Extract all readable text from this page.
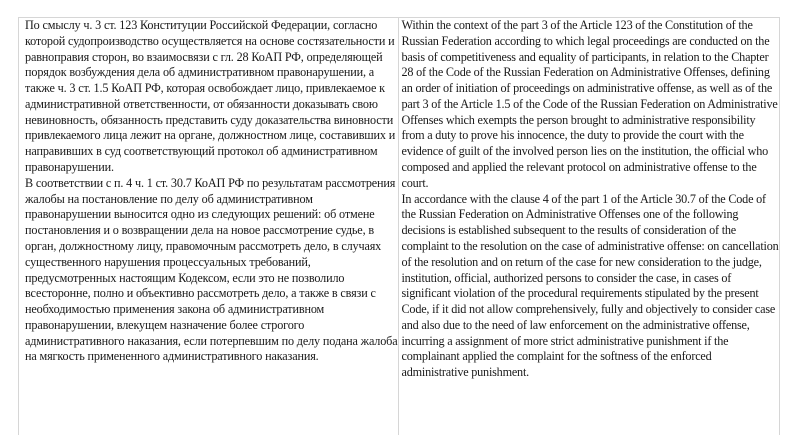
По смыслу ч. 3 ст. 123 Конституции Российской Федерации, согласно которой судопроизводство осуществляется на основе состязательности и равноправия сторон, во взаимосвязи с гл. 28 КоАП РФ, определяющей порядок возбуждения дела об административном правонарушении, а также ч. 3 ст. 1.5 КоАП РФ, которая освобождает лицо, привлекаемое к административной ответственности, от обязанности доказывать свою невиновность, обязанность представить суду доказательства виновности привлекаемого лица лежит на органе, должностном лице, составивших и направивших в суд соответствующий протокол об административном правонарушении.

В соответствии с п. 4 ч. 1 ст. 30.7 КоАП РФ по результатам рассмотрения жалобы на постановление по делу об административном правонарушении выносится одно из следующих решений: об отмене постановления и о возвращении дела на новое рассмотрение судье, в орган, должностному лицу, правомочным рассмотреть дело, в случаях существенного нарушения процессуальных требований, предусмотренных настоящим Кодексом, если это не позволило всесторонне, полно и объективно рассмотреть дело, а также в связи с необходимостью применения закона об административном правонарушении, влекущем назначение более строгого административного наказания, если потерпевшим по делу подана жалоба на мягкость примененного административного наказания.

Within the context of the part 3 of the Article 123 of the Constitution of the Russian Federation according to which legal proceedings are conducted on the basis of competitiveness and equality of participants, in relation to the Chapter 28 of the Code of the Russian Federation on Administrative Offenses, defining an order of initiation of proceedings on administrative offense, as well as of the part 3 of the Article 1.5 of the Code of the Russian Federation on Administrative Offenses which exempts the person brought to administrative responsibility from a duty to prove his innocence, the duty to provide the court with the evidence of guilt of the involved person lies on the institution, the official who composed and applied the relevant protocol on administrative offense to the court.

In accordance with the clause 4 of the part 1 of the Article 30.7 of the Code of the Russian Federation on Administrative Offenses one of the following decisions is established subsequent to the results of consideration of the complaint to the resolution on the case of administrative offense: on cancellation of the resolution and on return of the case for new consideration to the judge, institution, official, authorized persons to consider the case, in cases of significant violation of the procedural requirements stipulated by the present Code, if it did not allow comprehensively, fully and objectively to consider case and also due to the need of law enforcement on the administrative offense, incurring a assignment of more strict administrative punishment if the complainant applied the complaint for the softness of the enforced administrative punishment.
